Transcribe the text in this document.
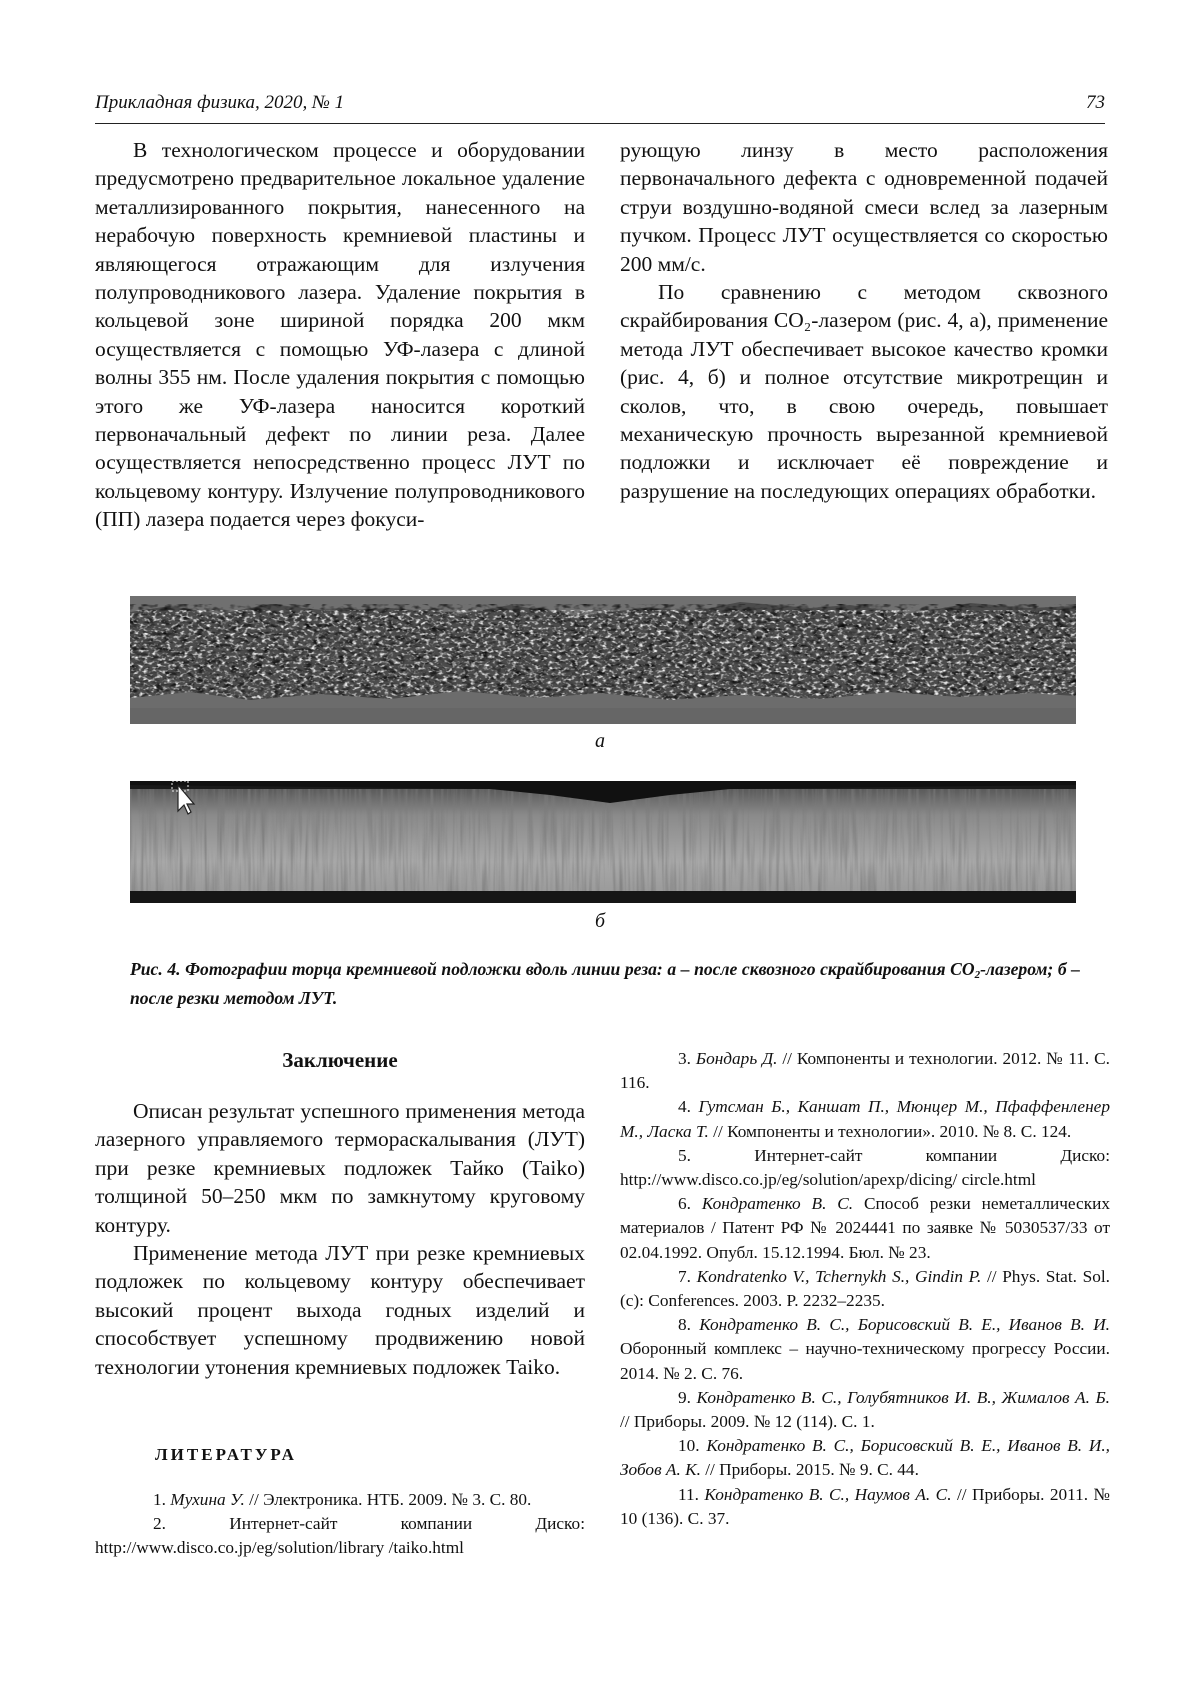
Прикладная физика, 2020, № 1	73

В технологическом процессе и оборудовании предусмотрено предварительное локальное удаление металлизированного покрытия, нанесенного на нерабочую поверхность кремниевой пластины и являющегося отражающим для излучения полупроводникового лазера. Удаление покрытия в кольцевой зоне шириной порядка 200 мкм осуществляется с помощью УФ-лазера с длиной волны 355 нм. После удаления покрытия с помощью этого же УФ-лазера наносится короткий первоначальный дефект по линии реза. Далее осуществляется непосредственно процесс ЛУТ по кольцевому контуру. Излучение полупроводникового (ПП) лазера подается через фокуси-

рующую линзу в место расположения первоначального дефекта с одновременной подачей струи воздушно-водяной смеси вслед за лазерным пучком. Процесс ЛУТ осуществляется со скоростью 200 мм/с.

По сравнению с методом сквозного скрайбирования CO₂-лазером (рис. 4, а), применение метода ЛУТ обеспечивает высокое качество кромки (рис. 4, б) и полное отсутствие микротрещин и сколов, что, в свою очередь, повышает механическую прочность вырезанной кремниевой подложки и исключает её повреждение и разрушение на последующих операциях обработки.

а
б
Рис. 4. Фотографии торца кремниевой подложки вдоль линии реза: а – после сквозного скрайбирования $CO_2$-лазером; б – после резки методом ЛУТ.
Заключение

Описан результат успешного применения метода лазерного управляемого термораскалывания (ЛУТ) при резке кремниевых подложек Тайко (Taiko) толщиной 50–250 мкм по замкнутому круговому контуру.

Применение метода ЛУТ при резке кремниевых подложек по кольцевому контуру обеспечивает высокий процент выхода годных изделий и способствует успешному продвижению новой технологии утонения кремниевых подложек Taiko.

ЛИТЕРАТУРА

1. Мухина У. // Электроника. НТБ. 2009. № 3. С. 80.

2.	Интернет-сайт компании Диско: http://www.disco.co.jp/eg/solution/library /taiko.html

3. Бондарь Д. // Компоненты и технологии. 2012. № 11. С. 116.

4. Гутсман Б., Каншат П., Мюнцер М., Пфаффенленер М., Ласка Т. // Компоненты и технологии». 2010. № 8. С. 124.

5.	Интернет-сайт компании Диско: http://www.disco.co.jp/eg/solution/apexp/dicing/ circle.html

6. Кондратенко В. С. Способ резки неметаллических материалов / Патент РФ № 2024441 по заявке № 5030537/33 от 02.04.1992. Опубл. 15.12.1994. Бюл. № 23.

7. Kondratenko V., Tchernykh S., Gindin P. // Phys. Stat. Sol. (c): Conferences. 2003. P. 2232–2235.

8. Кондратенко В. С., Борисовский В. Е., Иванов В. И. Оборонный комплекс – научно-техническому прогрессу России. 2014. № 2. С. 76.

9. Кондратенко В. С., Голубятников И. В., Жималов А. Б. // Приборы. 2009. № 12 (114). С. 1.

10. Кондратенко В. С., Борисовский В. Е., Иванов В. И., Зобов А. К. // Приборы. 2015. № 9. С. 44.

11. Кондратенко В. С., Наумов А. С. // Приборы. 2011. № 10 (136). С. 37.
